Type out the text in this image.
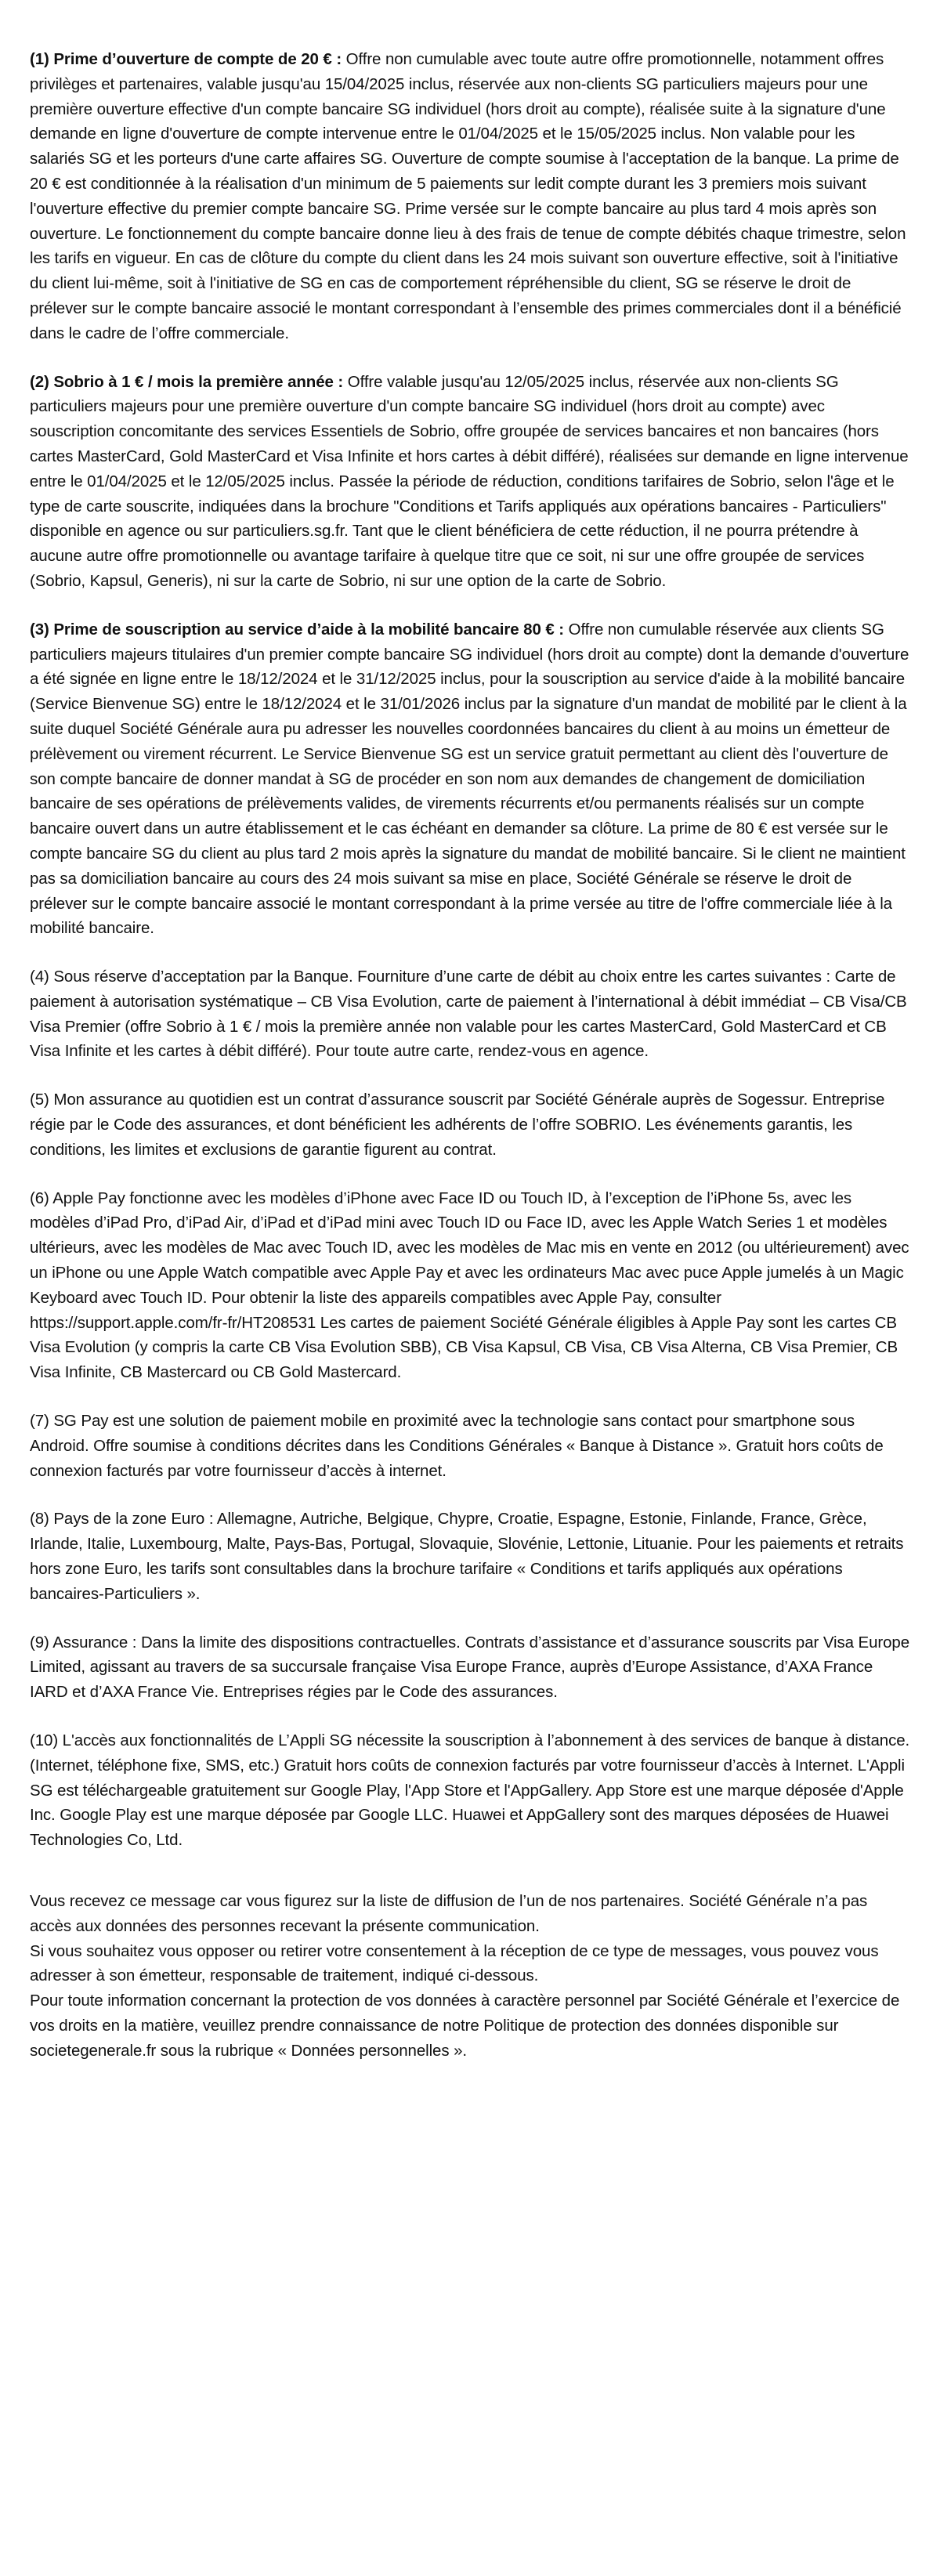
(1) Prime d’ouverture de compte de 20 € : Offre non cumulable avec toute autre offre promotionnelle, notamment offres privilèges et partenaires, valable jusqu'au 15/04/2025 inclus, réservée aux non-clients SG particuliers majeurs pour une première ouverture effective d'un compte bancaire SG individuel (hors droit au compte), réalisée suite à la signature d'une demande en ligne d'ouverture de compte intervenue entre le 01/04/2025 et le 15/05/2025 inclus. Non valable pour les salariés SG et les porteurs d'une carte affaires SG. Ouverture de compte soumise à l'acceptation de la banque. La prime de 20 € est conditionnée à la réalisation d'un minimum de 5 paiements sur ledit compte durant les 3 premiers mois suivant l'ouverture effective du premier compte bancaire SG. Prime versée sur le compte bancaire au plus tard 4 mois après son ouverture. Le fonctionnement du compte bancaire donne lieu à des frais de tenue de compte débités chaque trimestre, selon les tarifs en vigueur. En cas de clôture du compte du client dans les 24 mois suivant son ouverture effective, soit à l'initiative du client lui-même, soit à l'initiative de SG en cas de comportement répréhensible du client, SG se réserve le droit de prélever sur le compte bancaire associé le montant correspondant à l’ensemble des primes commerciales dont il a bénéficié dans le cadre de l’offre commerciale.

(2) Sobrio à 1 € / mois la première année : Offre valable jusqu'au 12/05/2025 inclus, réservée aux non-clients SG particuliers majeurs pour une première ouverture d'un compte bancaire SG individuel (hors droit au compte) avec souscription concomitante des services Essentiels de Sobrio, offre groupée de services bancaires et non bancaires (hors cartes MasterCard, Gold MasterCard et Visa Infinite et hors cartes à débit différé), réalisées sur demande en ligne intervenue entre le 01/04/2025 et le 12/05/2025 inclus. Passée la période de réduction, conditions tarifaires de Sobrio, selon l'âge et le type de carte souscrite, indiquées dans la brochure "Conditions et Tarifs appliqués aux opérations bancaires - Particuliers" disponible en agence ou sur particuliers.sg.fr. Tant que le client bénéficiera de cette réduction, il ne pourra prétendre à aucune autre offre promotionnelle ou avantage tarifaire à quelque titre que ce soit, ni sur une offre groupée de services (Sobrio, Kapsul, Generis), ni sur la carte de Sobrio, ni sur une option de la carte de Sobrio.

(3) Prime de souscription au service d’aide à la mobilité bancaire 80 € : Offre non cumulable réservée aux clients SG particuliers majeurs titulaires d'un premier compte bancaire SG individuel (hors droit au compte) dont la demande d'ouverture a été signée en ligne entre le 18/12/2024 et le 31/12/2025 inclus, pour la souscription au service d'aide à la mobilité bancaire (Service Bienvenue SG) entre le 18/12/2024 et le 31/01/2026 inclus par la signature d'un mandat de mobilité par le client à la suite duquel Société Générale aura pu adresser les nouvelles coordonnées bancaires du client à au moins un émetteur de prélèvement ou virement récurrent. Le Service Bienvenue SG est un service gratuit permettant au client dès l'ouverture de son compte bancaire de donner mandat à SG de procéder en son nom aux demandes de changement de domiciliation bancaire de ses opérations de prélèvements valides, de virements récurrents et/ou permanents réalisés sur un compte bancaire ouvert dans un autre établissement et le cas échéant en demander sa clôture. La prime de 80 € est versée sur le compte bancaire SG du client au plus tard 2 mois après la signature du mandat de mobilité bancaire. Si le client ne maintient pas sa domiciliation bancaire au cours des 24 mois suivant sa mise en place, Société Générale se réserve le droit de prélever sur le compte bancaire associé le montant correspondant à la prime versée au titre de l'offre commerciale liée à la mobilité bancaire.

(4) Sous réserve d’acceptation par la Banque. Fourniture d’une carte de débit au choix entre les cartes suivantes : Carte de paiement à autorisation systématique – CB Visa Evolution, carte de paiement à l’international à débit immédiat – CB Visa/CB Visa Premier (offre Sobrio à 1 € / mois la première année non valable pour les cartes MasterCard, Gold MasterCard et CB Visa Infinite et les cartes à débit différé). Pour toute autre carte, rendez-vous en agence.

(5) Mon assurance au quotidien est un contrat d’assurance souscrit par Société Générale auprès de Sogessur. Entreprise régie par le Code des assurances, et dont bénéficient les adhérents de l’offre SOBRIO. Les événements garantis, les conditions, les limites et exclusions de garantie figurent au contrat.

(6) Apple Pay fonctionne avec les modèles d’iPhone avec Face ID ou Touch ID, à l’exception de l’iPhone 5s, avec les modèles d’iPad Pro, d’iPad Air, d’iPad et d’iPad mini avec Touch ID ou Face ID, avec les Apple Watch Series 1 et modèles ultérieurs, avec les modèles de Mac avec Touch ID, avec les modèles de Mac mis en vente en 2012 (ou ultérieurement) avec un iPhone ou une Apple Watch compatible avec Apple Pay et avec les ordinateurs Mac avec puce Apple jumelés à un Magic Keyboard avec Touch ID. Pour obtenir la liste des appareils compatibles avec Apple Pay, consulter https://support.apple.com/fr-fr/HT208531 Les cartes de paiement Société Générale éligibles à Apple Pay sont les cartes CB Visa Evolution (y compris la carte CB Visa Evolution SBB), CB Visa Kapsul, CB Visa, CB Visa Alterna, CB Visa Premier, CB Visa Infinite, CB Mastercard ou CB Gold Mastercard.

(7) SG Pay est une solution de paiement mobile en proximité avec la technologie sans contact pour smartphone sous Android. Offre soumise à conditions décrites dans les Conditions Générales « Banque à Distance ». Gratuit hors coûts de connexion facturés par votre fournisseur d’accès à internet.

(8) Pays de la zone Euro : Allemagne, Autriche, Belgique, Chypre, Croatie, Espagne, Estonie, Finlande, France, Grèce, Irlande, Italie, Luxembourg, Malte, Pays-Bas, Portugal, Slovaquie, Slovénie, Lettonie, Lituanie. Pour les paiements et retraits hors zone Euro, les tarifs sont consultables dans la brochure tarifaire « Conditions et tarifs appliqués aux opérations bancaires-Particuliers ».

(9) Assurance : Dans la limite des dispositions contractuelles. Contrats d’assistance et d’assurance souscrits par Visa Europe Limited, agissant au travers de sa succursale française Visa Europe France, auprès d’Europe Assistance, d’AXA France IARD et d’AXA France Vie. Entreprises régies par le Code des assurances.

(10) L'accès aux fonctionnalités de L’Appli SG nécessite la souscription à l’abonnement à des services de banque à distance. (Internet, téléphone fixe, SMS, etc.) Gratuit hors coûts de connexion facturés par votre fournisseur d’accès à Internet. L'Appli SG est téléchargeable gratuitement sur Google Play, l'App Store et l'AppGallery. App Store est une marque déposée d'Apple Inc. Google Play est une marque déposée par Google LLC. Huawei et AppGallery sont des marques déposées de Huawei Technologies Co, Ltd.

Vous recevez ce message car vous figurez sur la liste de diffusion de l’un de nos partenaires. Société Générale n’a pas accès aux données des personnes recevant la présente communication.
Si vous souhaitez vous opposer ou retirer votre consentement à la réception de ce type de messages, vous pouvez vous adresser à son émetteur, responsable de traitement, indiqué ci-dessous.
Pour toute information concernant la protection de vos données à caractère personnel par Société Générale et l’exercice de vos droits en la matière, veuillez prendre connaissance de notre Politique de protection des données disponible sur societegenerale.fr sous la rubrique « Données personnelles ».
